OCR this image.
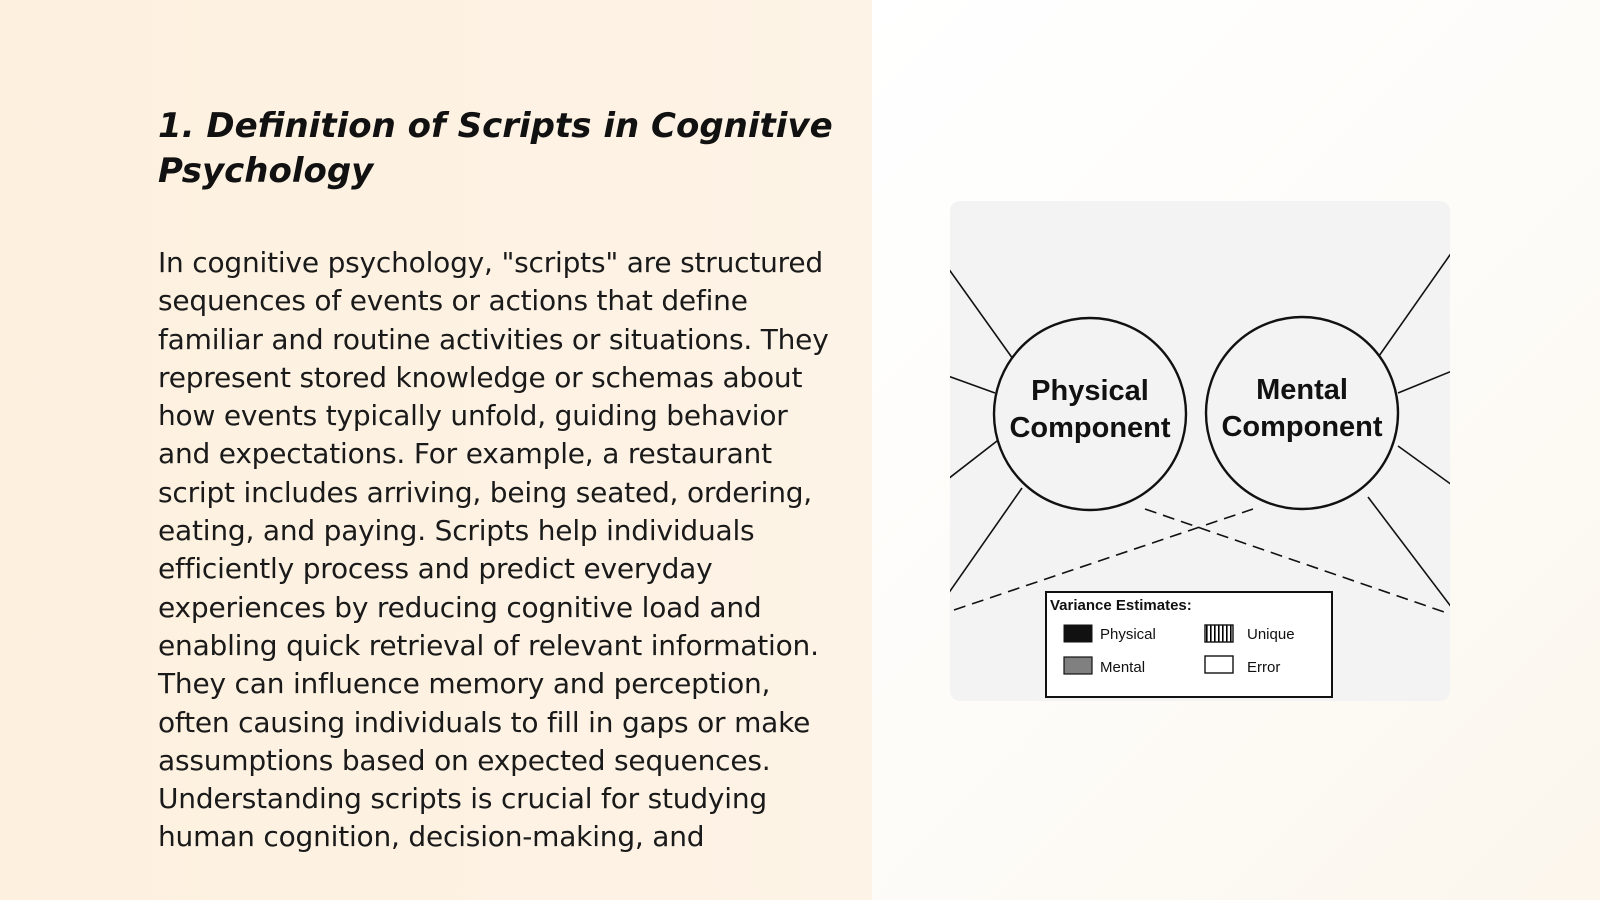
1. Definition of Scripts in Cognitive Psychology

In cognitive psychology, "scripts" are structured sequences of events or actions that define familiar and routine activities or situations. They represent stored knowledge or schemas about how events typically unfold, guiding behavior and expectations. For example, a restaurant script includes arriving, being seated, ordering, eating, and paying. Scripts help individuals efficiently process and predict everyday experiences by reducing cognitive load and enabling quick retrieval of relevant information. They can influence memory and perception, often causing individuals to fill in gaps or make assumptions based on expected sequences. Understanding scripts is crucial for studying human cognition, decision-making, and

Physical
Component
Mental
Component
Variance Estimates:
Physical
Mental
Unique
Error
